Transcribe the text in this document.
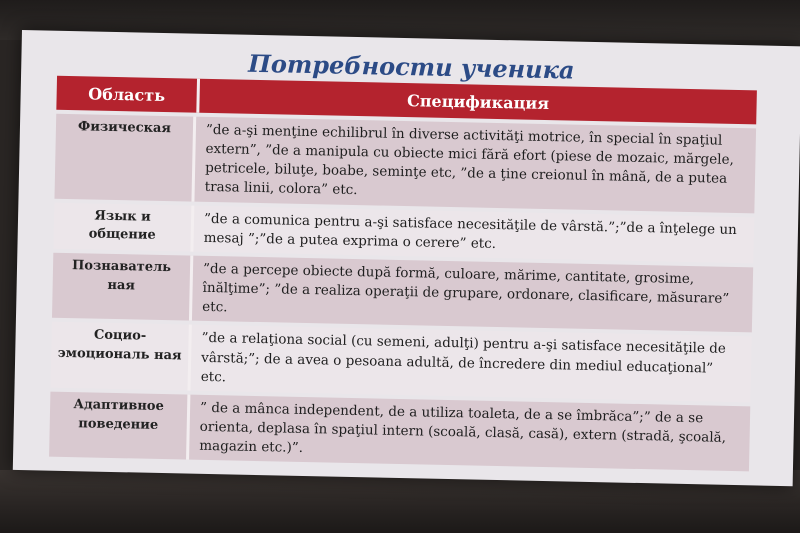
Потребности ученика
Область	Спецификация
Физическая	”de a-şi menţine echilibrul în diverse activităţi motrice, în special în spaţiul extern”, ”de a manipula cu obiecte mici fără efort (piese de mozaic, mărgele, petricele, biluţe, boabe, seminţe etc, ”de a ţine creionul în mână, de a putea trasa linii, colora” etc.
Язык и общение	”de a comunica pentru a-şi satisface necesităţile de vârstă.”;”de a înţelege un mesaj ”;”de a putea exprima o cerere” etc.
Познаватель ная	”de a percepe obiecte după formă, culoare, mărime, cantitate, grosime, înălţime”; ”de a realiza operaţii de grupare, ordonare, clasificare, măsurare” etc.
Социо-эмоциональ ная	”de a relaţiona social (cu semeni, adulţi) pentru a-şi satisface necesităţile de vârstă;”; de a avea o pesoana adultă, de încredere din mediul educaţional” etc.
Адаптивное поведение	” de a mânca independent, de a utiliza toaleta, de a se îmbrăca”;” de a se orienta, deplasa în spaţiul intern (scoală, clasă, casă), extern (stradă, şcoală, magazin etc.)”.
